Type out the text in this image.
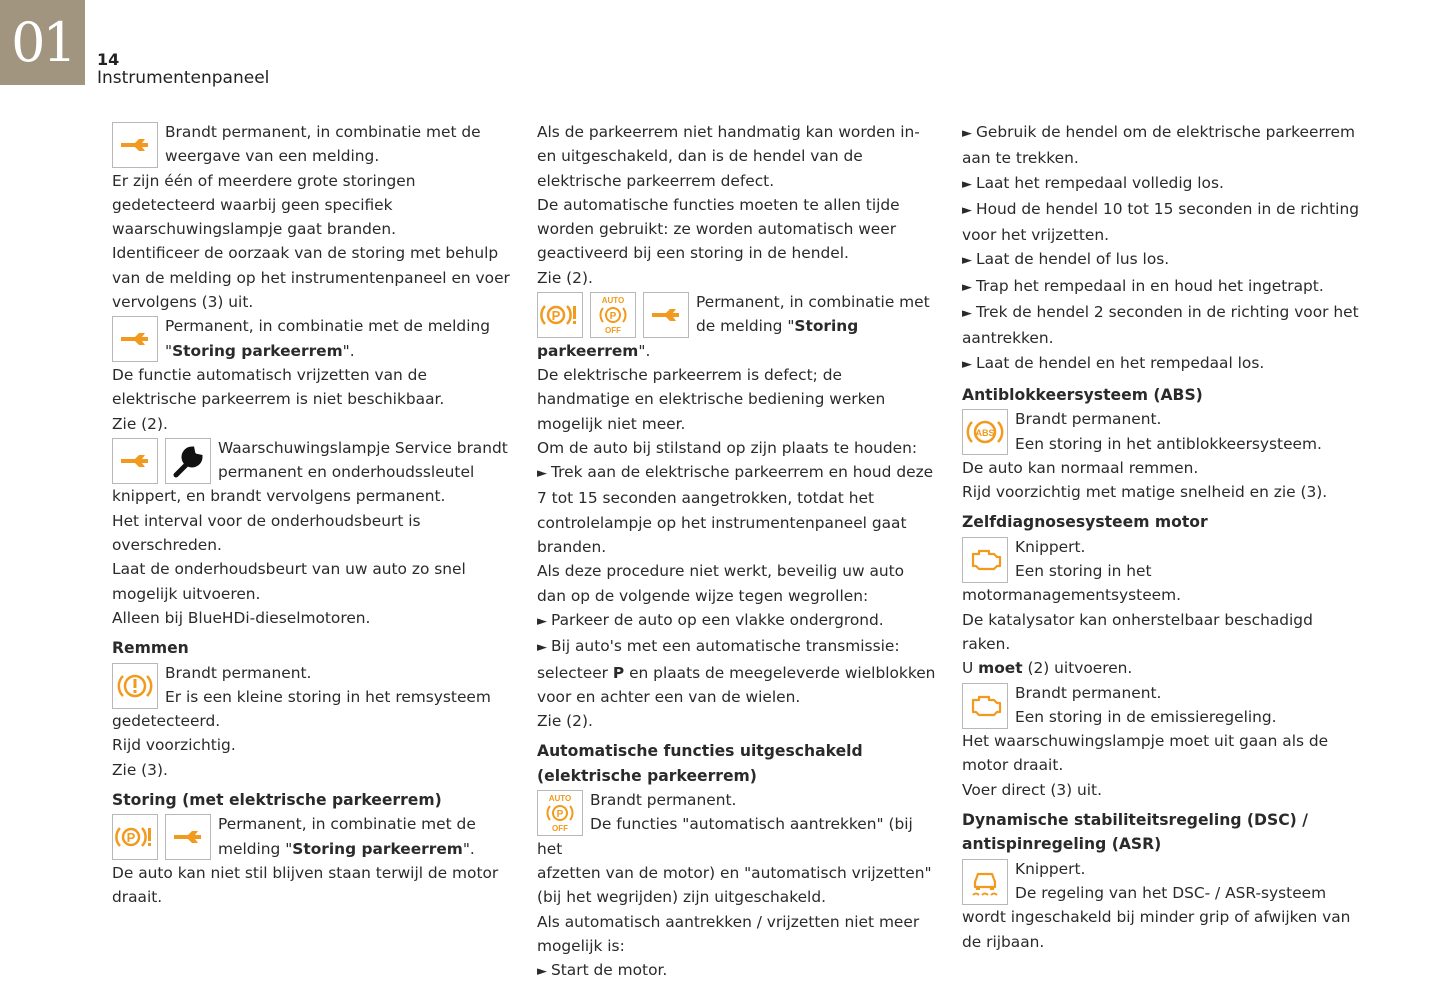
01	14
Instrumentenpaneel

Brandt permanent, in combinatie met de

weergave van een melding.

Er zijn één of meerdere grote storingen gedetecteerd waarbij geen specifiek waarschuwingslampje gaat branden.

Identificeer de oorzaak van de storing met behulp van de melding op het instrumentenpaneel en voer vervolgens (3) uit.

Permanent, in combinatie met de melding

"Storing parkeerrem".

De functie automatisch vrijzetten van de elektrische parkeerrem is niet beschikbaar.

Zie (2).

Waarschuwingslampje Service brandt

permanent en onderhoudssleutel

knippert, en brandt vervolgens permanent.

Het interval voor de onderhoudsbeurt is overschreden.

Laat de onderhoudsbeurt van uw auto zo snel mogelijk uitvoeren.

Alleen bij BlueHDi-dieselmotoren.

Remmen

Brandt permanent.

Er is een kleine storing in het remsysteem

gedetecteerd.

Rijd voorzichtig.

Zie (3).

Storing (met elektrische parkeerrem)

P

Permanent, in combinatie met de

melding "Storing parkeerrem".

De auto kan niet stil blijven staan terwijl de motor draait.

Als de parkeerrem niet handmatig kan worden in- en uitgeschakeld, dan is de hendel van de elektrische parkeerrem defect.

De automatische functies moeten te allen tijde worden gebruikt: ze worden automatisch weer geactiveerd bij een storing in de hendel.

Zie (2).

P
AUTO
P
OFF

Permanent, in combinatie met

de melding "Storing

parkeerrem".

De elektrische parkeerrem is defect; de handmatige en elektrische bediening werken mogelijk niet meer.

Om de auto bij stilstand op zijn plaats te houden:

► Trek aan de elektrische parkeerrem en houd deze 7 tot 15 seconden aangetrokken, totdat het controlelampje op het instrumentenpaneel gaat branden.

Als deze procedure niet werkt, beveilig uw auto dan op de volgende wijze tegen wegrollen:

► Parkeer de auto op een vlakke ondergrond.

► Bij auto's met een automatische transmissie: selecteer P en plaats de meegeleverde wielblokken voor en achter een van de wielen.

Zie (2).

Automatische functies uitgeschakeld (elektrische parkeerrem)

AUTO
P
OFF

Brandt permanent.

De functies "automatisch aantrekken" (bij het

afzetten van de motor) en "automatisch vrijzetten" (bij het wegrijden) zijn uitgeschakeld.

Als automatisch aantrekken / vrijzetten niet meer mogelijk is:

► Start de motor.

► Gebruik de hendel om de elektrische parkeerrem aan te trekken.

► Laat het rempedaal volledig los.

► Houd de hendel 10 tot 15 seconden in de richting voor het vrijzetten.

► Laat de hendel of lus los.

► Trap het rempedaal in en houd het ingetrapt.

► Trek de hendel 2 seconden in de richting voor het aantrekken.

► Laat de hendel en het rempedaal los.

Antiblokkeersysteem (ABS)

ABS

Brandt permanent.

Een storing in het antiblokkeersysteem.

De auto kan normaal remmen.

Rijd voorzichtig met matige snelheid en zie (3).

Zelfdiagnosesysteem motor

Knippert.

Een storing in het motormanagementsysteem.

De katalysator kan onherstelbaar beschadigd raken.

U moet (2) uitvoeren.

Brandt permanent.

Een storing in de emissieregeling.

Het waarschuwingslampje moet uit gaan als de motor draait.

Voer direct (3) uit.

Dynamische stabiliteitsregeling (DSC) / antispinregeling (ASR)

Knippert.

De regeling van het DSC- / ASR-systeem

wordt ingeschakeld bij minder grip of afwijken van de rijbaan.
